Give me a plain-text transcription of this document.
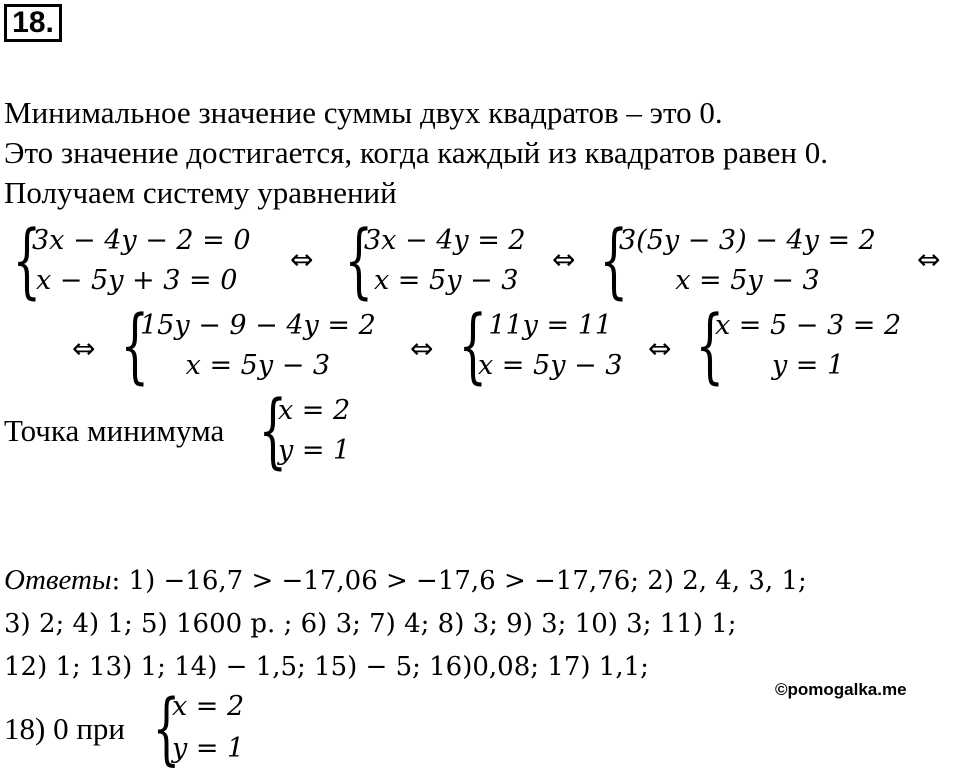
18.
Минимальное значение суммы двух квадратов – это 0.
Это значение достигается, когда каждый из квадратов равен 0.
Получаем систему уравнений
{
3x − 4y − 2 = 0
x − 5y + 3 = 0
⇔ {
3x − 4y = 2
x = 5y − 3
⇔ {
3(5y − 3) − 4y = 2
x = 5y − 3
⇔
⇔ {
15y − 9 − 4y = 2
x = 5y − 3
⇔ { 11y = 11
x = 5y − 3
⇔ {
x = 5 − 3 = 2
y = 1
Точка минимума {
x = 2
y = 1
Ответы: 1) −16,7 > −17,06 > −17,6 > −17,76; 2) 2, 4, 3, 1;
3) 2; 4) 1; 5) 1600 р. ; 6) 3; 7) 4; 8) 3; 9) 3; 10) 3; 11) 1;
12) 1; 13) 1; 14) − 1,5; 15) − 5; 16)0,08; 17) 1,1;
18) 0 при {
x = 2
y = 1
©pomogalka.me
